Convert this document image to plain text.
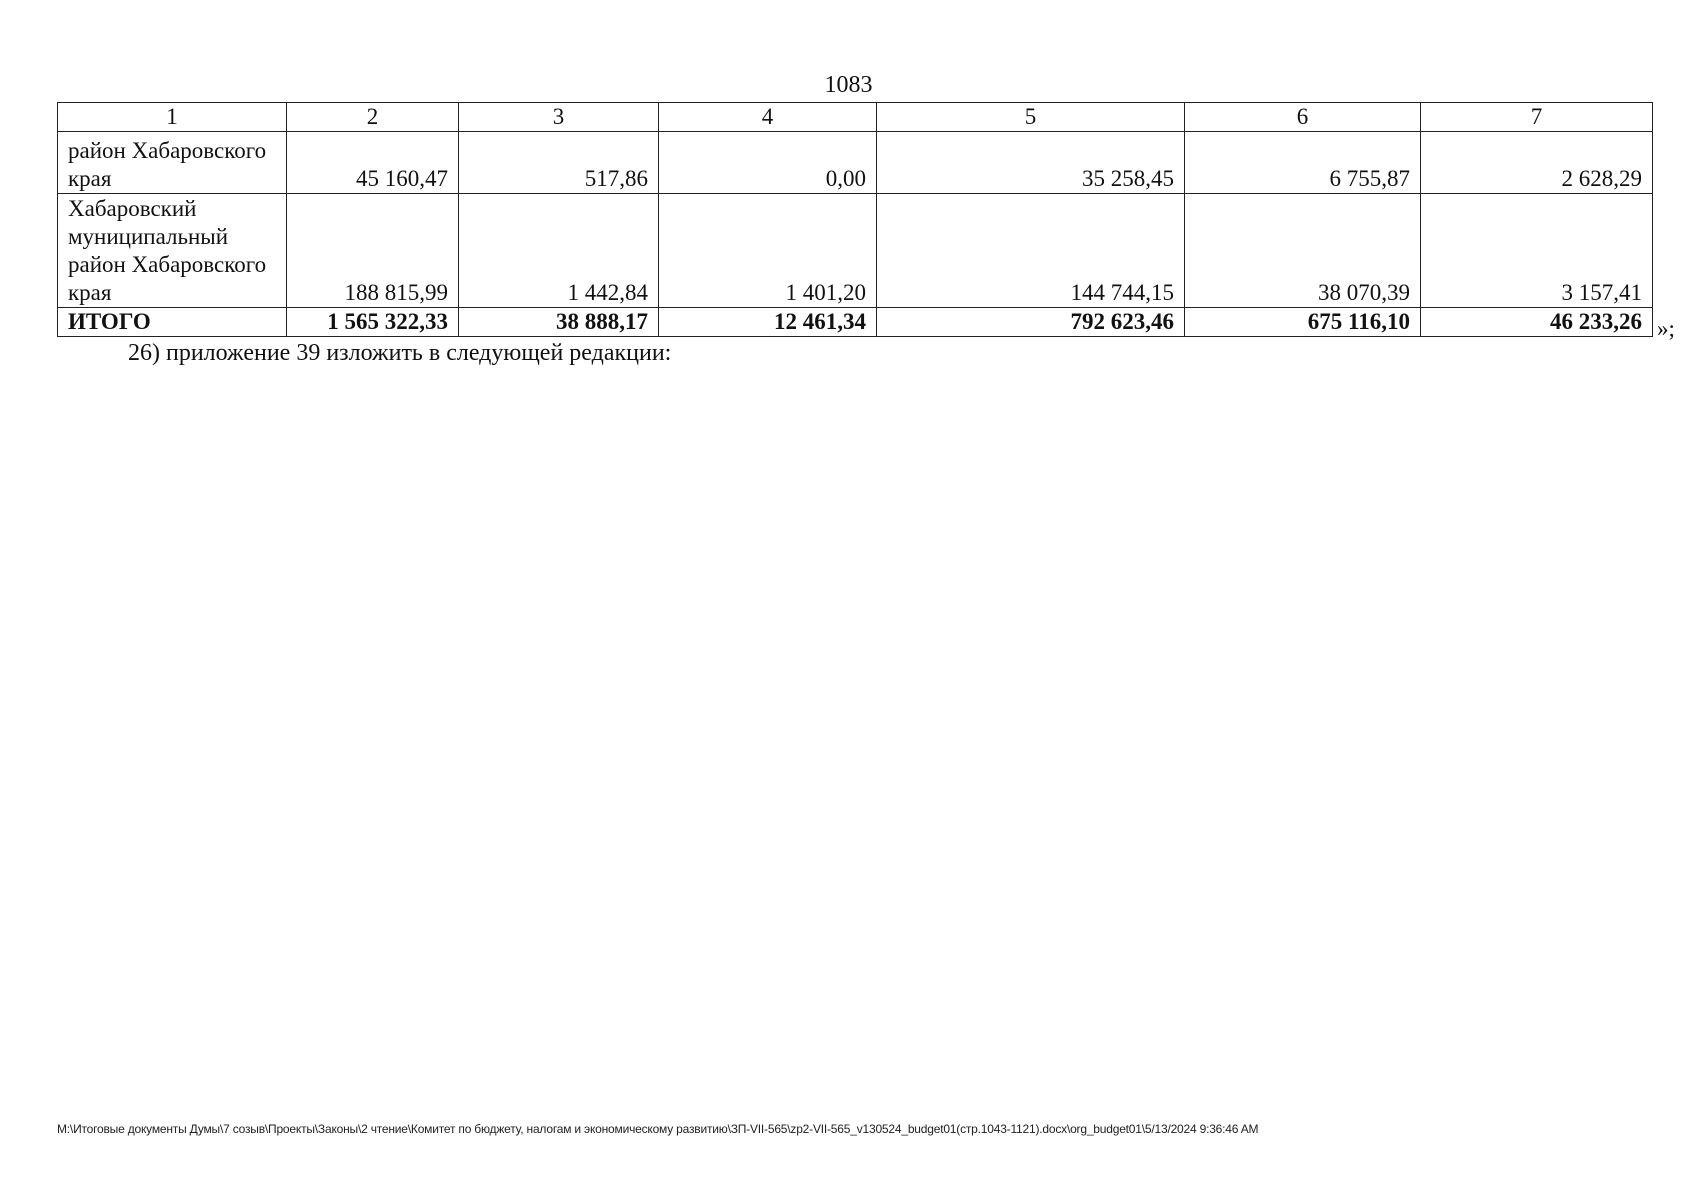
1083
1	2	3	4	5	6	7
район Хабаровского края	45 160,47	517,86	0,00	35 258,45	6 755,87	2 628,29
Хабаровский муниципальный район Хабаровского края	188 815,99	1 442,84	1 401,20	144 744,15	38 070,39	3 157,41
ИТОГО	1 565 322,33	38 888,17	12 461,34	792 623,46	675 116,10	46 233,26 »;
26) приложение 39 изложить в следующей редакции:
M:\Итоговые документы Думы\7 созыв\Проекты\Законы\2 чтение\Комитет по бюджету, налогам и экономическому развитию\ЗП-VII-565\zp2-VII-565_v130524_budget01(стр.1043-1121).docx\org_budget01\5/13/2024 9:36:46 AM
